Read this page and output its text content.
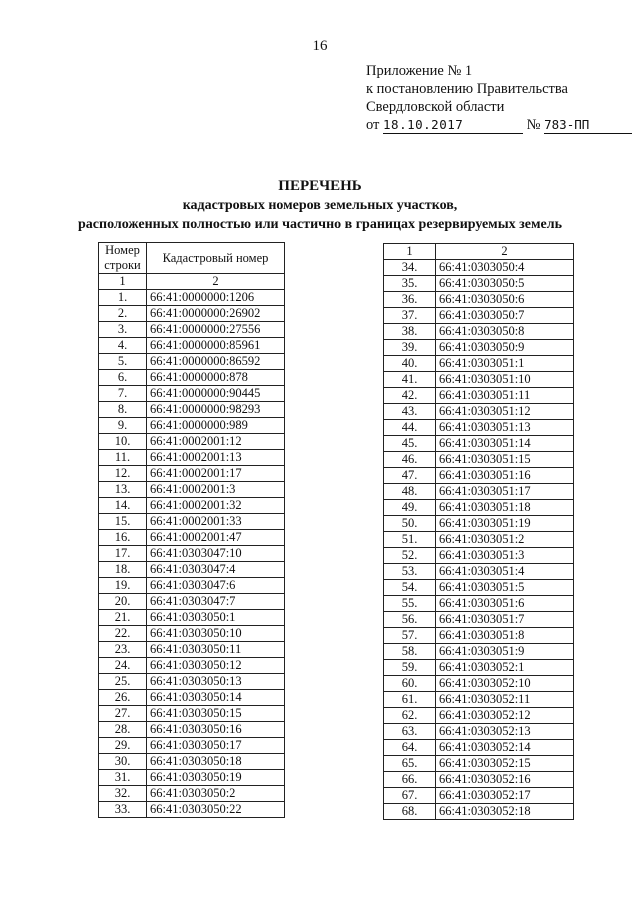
16
Приложение № 1
к постановлению Правительства
Свердловской области
от 18.10.2017	№ 783-ПП
ПЕРЕЧЕНЬ
кадастровых номеров земельных участков,
расположенных полностью или частично в границах резервируемых земель
Номер строки	Кадастровый номер
1	2
1.	66:41:0000000:1206
2.	66:41:0000000:26902
3.	66:41:0000000:27556
4.	66:41:0000000:85961
5.	66:41:0000000:86592
6.	66:41:0000000:878
7.	66:41:0000000:90445
8.	66:41:0000000:98293
9.	66:41:0000000:989
10.	66:41:0002001:12
11.	66:41:0002001:13
12.	66:41:0002001:17
13.	66:41:0002001:3
14.	66:41:0002001:32
15.	66:41:0002001:33
16.	66:41:0002001:47
17.	66:41:0303047:10
18.	66:41:0303047:4
19.	66:41:0303047:6
20.	66:41:0303047:7
21.	66:41:0303050:1
22.	66:41:0303050:10
23.	66:41:0303050:11
24.	66:41:0303050:12
25.	66:41:0303050:13
26.	66:41:0303050:14
27.	66:41:0303050:15
28.	66:41:0303050:16
29.	66:41:0303050:17
30.	66:41:0303050:18
31.	66:41:0303050:19
32.	66:41:0303050:2
33.	66:41:0303050:22
1	2
34.	66:41:0303050:4
35.	66:41:0303050:5
36.	66:41:0303050:6
37.	66:41:0303050:7
38.	66:41:0303050:8
39.	66:41:0303050:9
40.	66:41:0303051:1
41.	66:41:0303051:10
42.	66:41:0303051:11
43.	66:41:0303051:12
44.	66:41:0303051:13
45.	66:41:0303051:14
46.	66:41:0303051:15
47.	66:41:0303051:16
48.	66:41:0303051:17
49.	66:41:0303051:18
50.	66:41:0303051:19
51.	66:41:0303051:2
52.	66:41:0303051:3
53.	66:41:0303051:4
54.	66:41:0303051:5
55.	66:41:0303051:6
56.	66:41:0303051:7
57.	66:41:0303051:8
58.	66:41:0303051:9
59.	66:41:0303052:1
60.	66:41:0303052:10
61.	66:41:0303052:11
62.	66:41:0303052:12
63.	66:41:0303052:13
64.	66:41:0303052:14
65.	66:41:0303052:15
66.	66:41:0303052:16
67.	66:41:0303052:17
68.	66:41:0303052:18
